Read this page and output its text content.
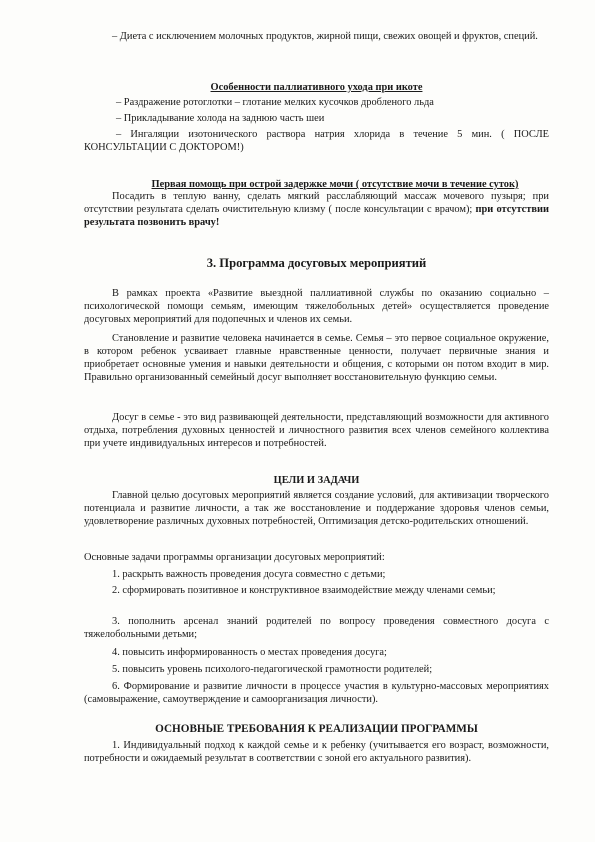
– Диета с исключением молочных продуктов, жирной пищи, свежих овощей и фруктов, специй.

Особенности паллиативного ухода при икоте

– Раздражение ротоглотки – глотание мелких кусочков дробленого льда

– Прикладывание холода на заднюю часть шеи

– Ингаляции изотонического раствора натрия хлорида в течение 5 мин. ( ПОСЛЕ КОНСУЛЬТАЦИИ С ДОКТОРОМ!)

Первая помощь при острой задержке мочи ( отсутствие мочи в течение суток)

Посадить в теплую ванну, сделать мягкий расслабляющий массаж мочевого пузыря; при отсутствии результата сделать очистительную клизму ( после консультации с врачом); при отсутствии результата позвонить врачу!

3. Программа досуговых мероприятий

В рамках проекта «Развитие выездной паллиативной службы по оказанию социально – психологической помощи семьям, имеющим тяжелобольных детей» осуществляется проведение досуговых мероприятий для подопечных и членов их семьи.

Становление и развитие человека начинается в семье. Семья – это первое социальное окружение, в котором ребенок усваивает главные нравственные ценности, получает первичные знания и приобретает основные умения и навыки деятельности и общения, с которыми он потом входит в мир. Правильно организованный семейный досуг выполняет восстановительную функцию семьи.

Досуг в семье - это вид развивающей деятельности, представляющий возможности для активного отдыха, потребления духовных ценностей и личностного развития всех членов семейного коллектива при учете индивидуальных интересов и потребностей.

ЦЕЛИ И ЗАДАЧИ

Главной целью досуговых мероприятий является создание условий, для активизации творческого потенциала и развитие личности, а так же восстановление и поддержание здоровья членов семьи, удовлетворение различных духовных потребностей, Оптимизация детско-родительских отношений.

Основные задачи программы организации досуговых мероприятий:

1. раскрыть важность проведения досуга совместно с детьми;

2. сформировать позитивное и конструктивное взаимодействие между членами семьи;

3. пополнить арсенал знаний родителей по вопросу проведения совместного досуга с тяжелобольными детьми;

4. повысить информированность о местах проведения досуга;

5. повысить уровень психолого-педагогической грамотности родителей;

6. Формирование и развитие личности в процессе участия в культурно-массовых мероприятиях (самовыражение, самоутверждение и самоорганизация личности).

ОСНОВНЫЕ ТРЕБОВАНИЯ К РЕАЛИЗАЦИИ ПРОГРАММЫ

1. Индивидуальный подход к каждой семье и к ребенку (учитывается его возраст, возможности, потребности и ожидаемый результат в соответствии с зоной его актуального развития).
